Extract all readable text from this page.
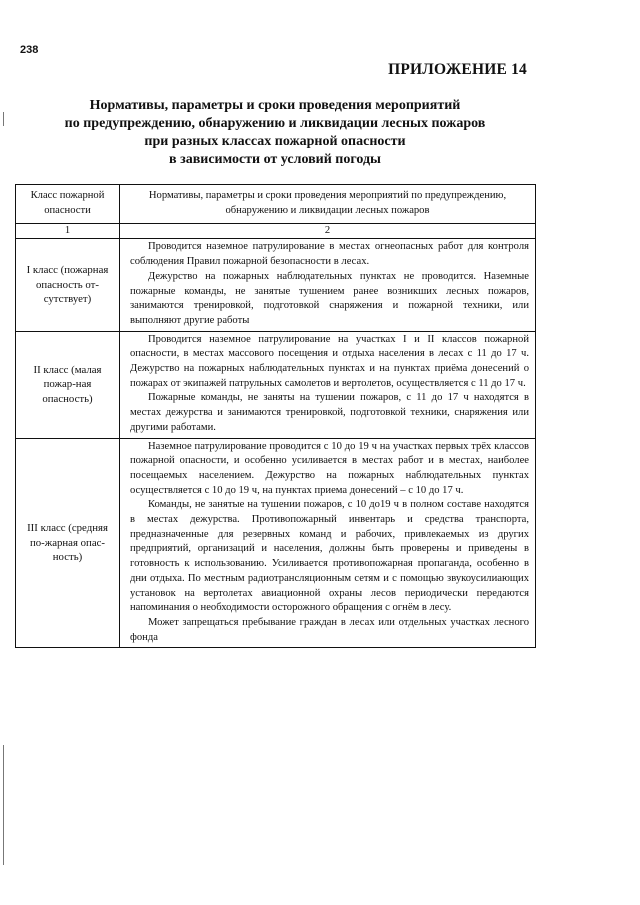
238
ПРИЛОЖЕНИЕ 14
Нормативы, параметры и сроки проведения мероприятий
по предупреждению, обнаружению и ликвидации лесных пожаров
при разных классах пожарной опасности
в зависимости от условий погоды
Класс пожарной опасности	Нормативы, параметры и сроки проведения мероприятий по предупреждению, обнаружению и ликвидации лесных пожаров
1	2
I класс (пожарная опасность от-сутствует)	Проводится наземное патрулирование в местах огнеопасных работ для контроля соблюдения Правил пожарной безопасности в лесах.

Дежурство на пожарных наблюдательных пунктах не проводится. Наземные пожарные команды, не занятые тушением ранее возникших лесных пожаров, занимаются тренировкой, подготовкой снаряжения и пожарной техники, или выполняют другие работы

II класс (малая пожар-ная опасность)	Проводится наземное патрулирование на участках I и II классов пожарной опасности, в местах массового посещения и отдыха населения в лесах с 11 до 17 ч. Дежурство на пожарных наблюдательных пунктах и на пунктах приёма донесений о пожарах от экипажей патрульных самолетов и вертолетов, осуществляется с 11 до 17 ч.

Пожарные команды, не заняты на тушении пожаров, с 11 до 17 ч находятся в местах дежурства и занимаются тренировкой, подготовкой техники, снаряжения или другими работами.

III класс (средняя по-жарная опас-ность)	Наземное патрулирование проводится с 10 до 19 ч на участках первых трёх классов пожарной опасности, и особенно усиливается в местах работ и в местах, наиболее посещаемых населением. Дежурство на пожарных наблюдательных пунктах осуществляется с 10 до 19 ч, на пунктах приема донесений – с 10 до 17 ч.

Команды, не занятые на тушении пожаров, с 10 до19 ч в полном составе находятся в местах дежурства. Противопожарный инвентарь и средства транспорта, предназначенные для резервных команд и рабочих, привлекаемых из других предприятий, организаций и населения, должны быть проверены и приведены в готовность к использованию. Усиливается противопожарная пропаганда, особенно в дни отдыха. По местным радиотрансляционным сетям и с помощью звукоусилиающих установок на вертолетах авиационной охраны лесов периодически передаются напоминания о необходимости осторожного обращения с огнём в лесу.

Может запрещаться пребывание граждан в лесах или отдельных участках лесного фонда
